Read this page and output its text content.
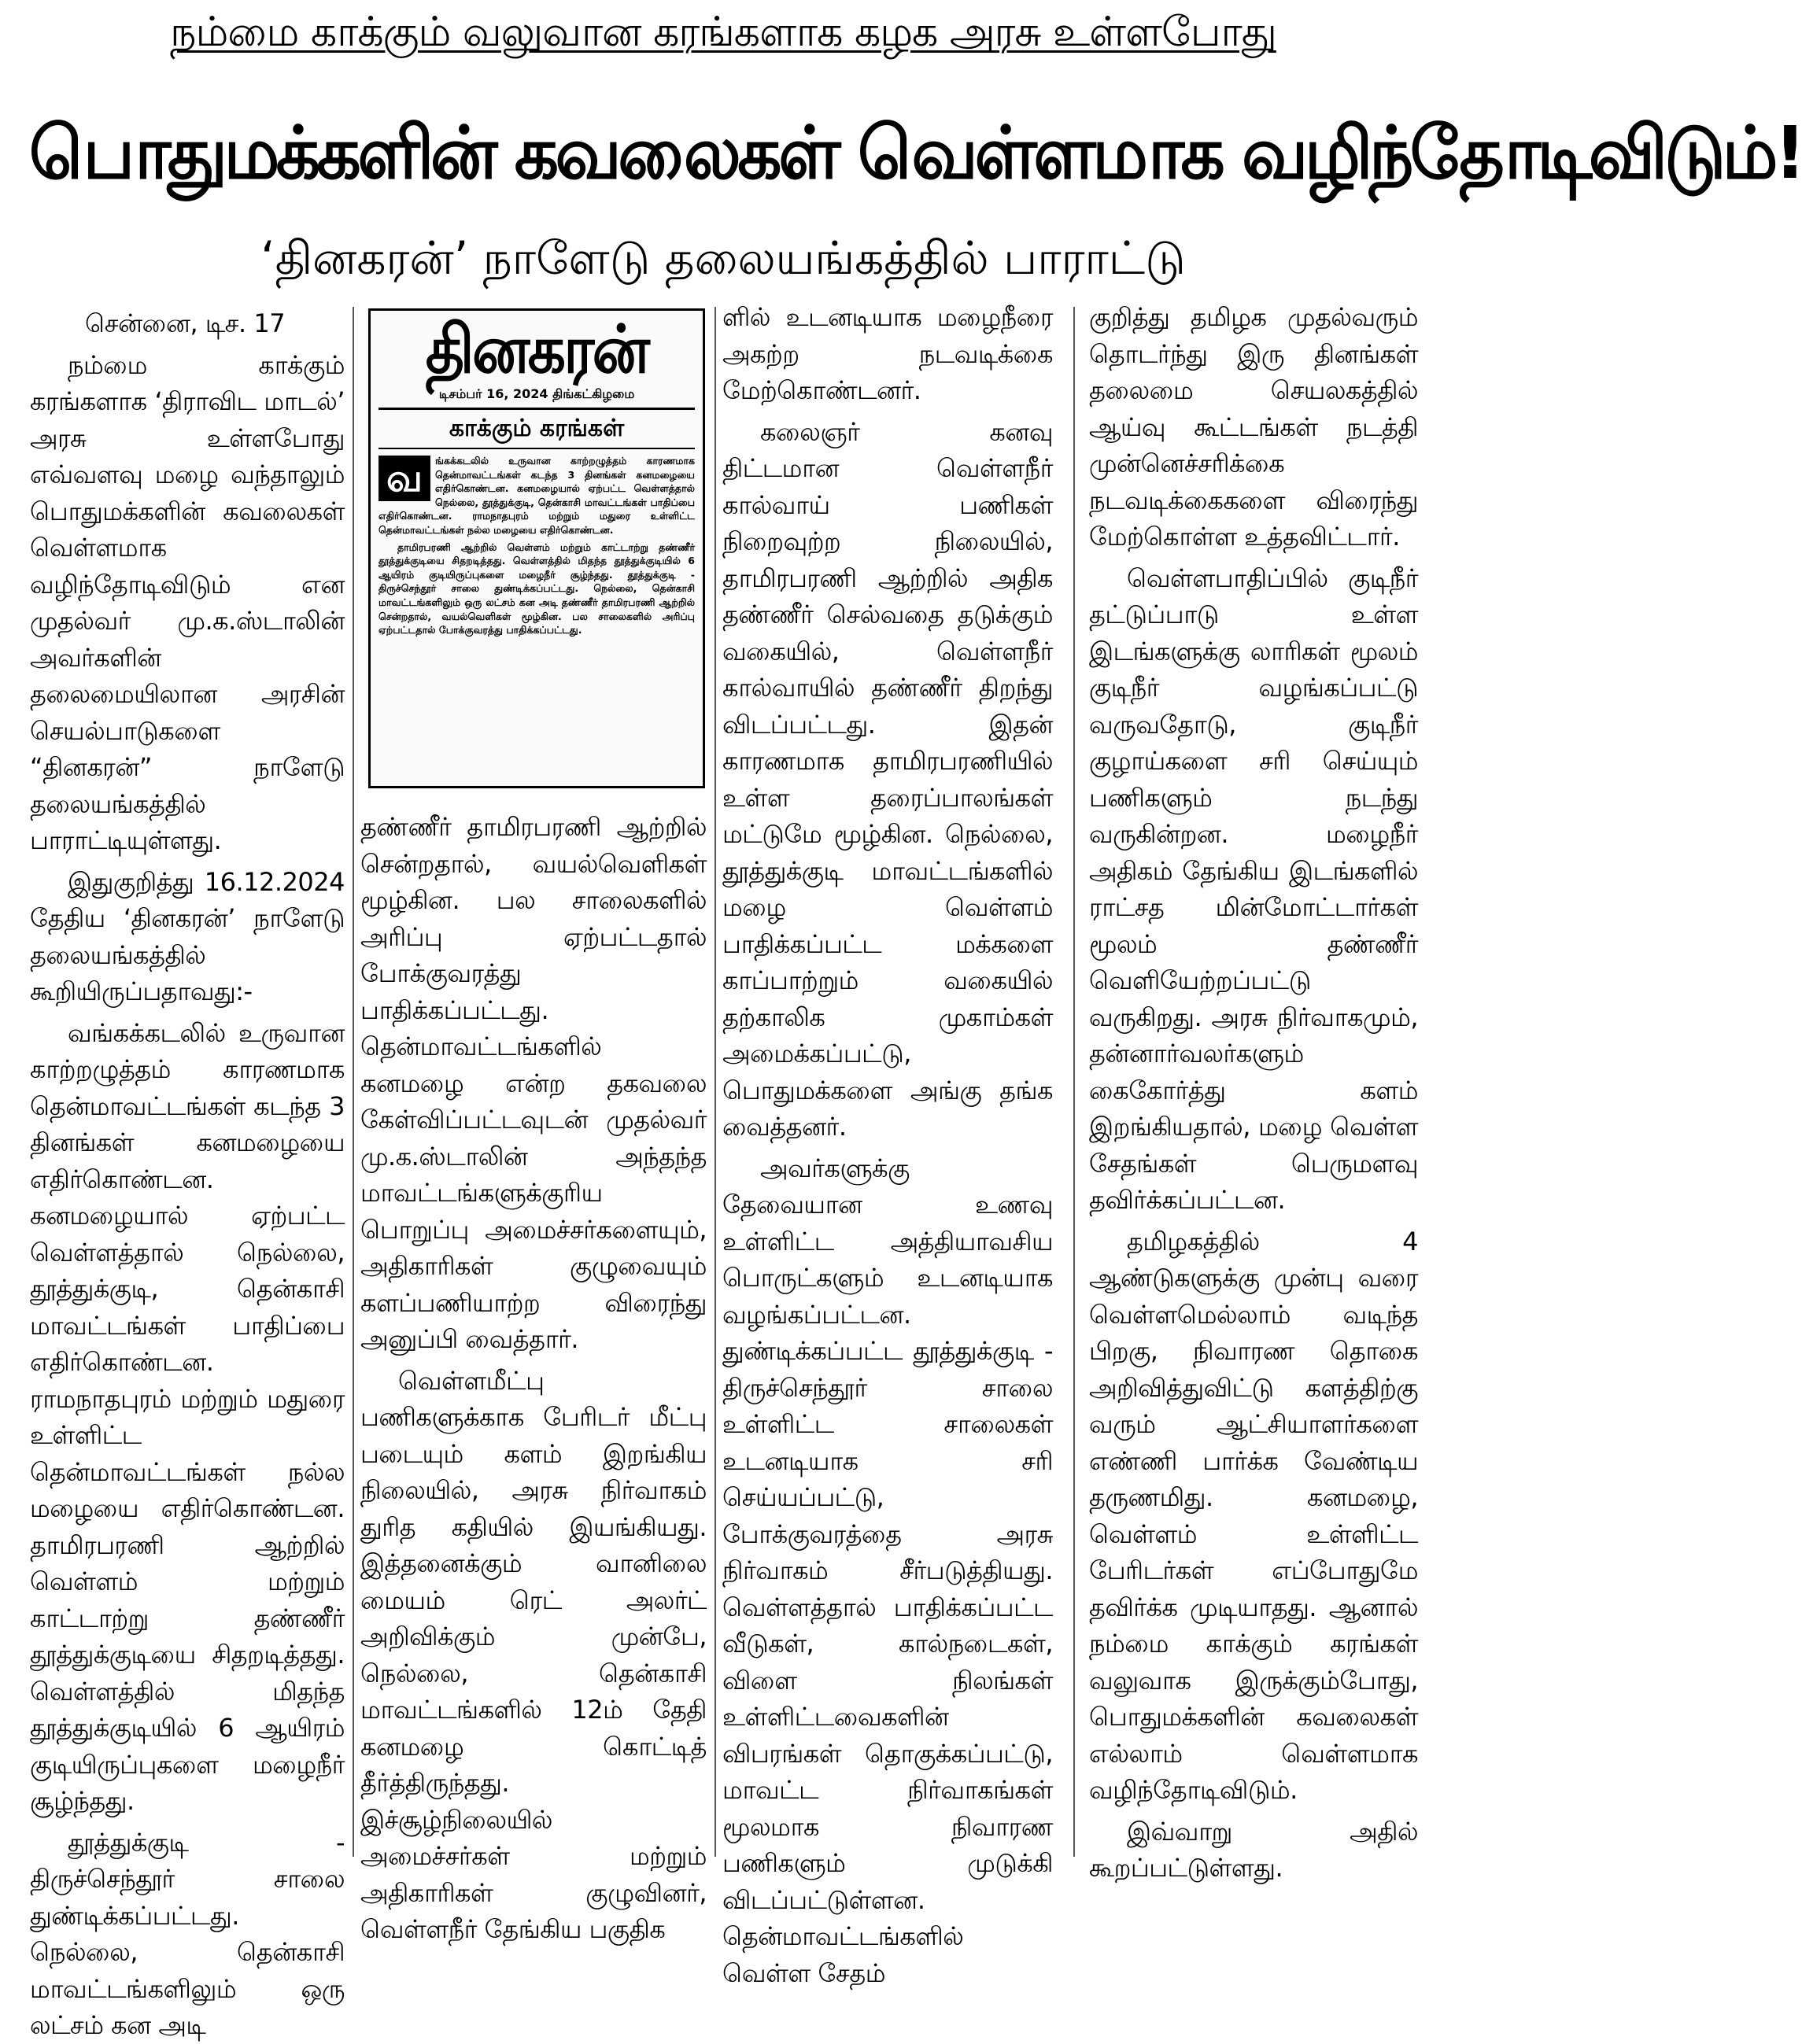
நம்மை காக்கும் வலுவான கரங்களாக கழக அரசு உள்ளபோது
பொதுமக்களின் கவலைகள் வெள்ளமாக வழிந்தோடிவிடும்!
‘தினகரன்’ நாளேடு தலையங்கத்தில் பாராட்டு

சென்னை, டிச. 17

நம்மை காக்கும் கரங்களாக ‘திராவிட மாடல்’ அரசு உள்ளபோது எவ்வளவு மழை வந்தாலும் பொதுமக்களின் கவலைகள் வெள்ளமாக வழிந்தோடிவிடும் என முதல்வர் மு.க.ஸ்டாலின் அவர்களின் தலைமையிலான அரசின் செயல்பாடுகளை “தினகரன்” நாளேடு தலையங்கத்தில் பாராட்டியுள்ளது.

இதுகுறித்து 16.12.2024 தேதிய ‘தினகரன்’ நாளேடு தலையங்கத்தில் கூறியிருப்பதாவது:-

வங்கக்கடலில் உருவான காற்றழுத்தம் காரணமாக தென்மாவட்டங்கள் கடந்த 3 தினங்கள் கனமழையை எதிர்கொண்டன. கனமழையால் ஏற்பட்ட வெள்ளத்தால் நெல்லை, தூத்துக்குடி, தென்காசி மாவட்டங்கள் பாதிப்பை எதிர்கொண்டன. ராமநாதபுரம் மற்றும் மதுரை உள்ளிட்ட தென்மாவட்டங்கள் நல்ல மழையை எதிர்கொண்டன. தாமிரபரணி ஆற்றில் வெள்ளம் மற்றும் காட்டாற்று தண்ணீர் தூத்துக்குடியை சிதறடித்தது. வெள்ளத்தில் மிதந்த தூத்துக்குடியில் 6 ஆயிரம் குடியிருப்புகளை மழைநீர் சூழ்ந்தது.

தூத்துக்குடி - திருச்செந்தூர் சாலை துண்டிக்கப்பட்டது. நெல்லை, தென்காசி மாவட்டங்களிலும் ஒரு லட்சம் கன அடி

தினகரன்
டிசம்பர் 16, 2024 திங்கட்கிழமை
காக்கும் கரங்கள்
வ	ங்கக்கடலில் உருவான காற்றழுத்தம் காரணமாக தென்மாவட்டங்கள் கடந்த 3 தினங்கள் கனமழையை எதிர்கொண்டன. கனமழையால் ஏற்பட்ட வெள்ளத்தால் நெல்லை, தூத்துக்குடி, தென்காசி மாவட்டங்கள் பாதிப்பை எதிர்கொண்டன. ராமநாதபுரம் மற்றும் மதுரை உள்ளிட்ட தென்மாவட்டங்கள் நல்ல மழையை எதிர்கொண்டன.

தாமிரபரணி ஆற்றில் வெள்ளம் மற்றும் காட்டாற்று தண்ணீர் தூத்துக்குடியை சிதறடித்தது. வெள்ளத்தில் மிதந்த தூத்துக்குடியில் 6 ஆயிரம் குடியிருப்புகளை மழைநீர் சூழ்ந்தது. தூத்துக்குடி - திருச்செந்தூர் சாலை துண்டிக்கப்பட்டது. நெல்லை, தென்காசி மாவட்டங்களிலும் ஒரு லட்சம் கன அடி தண்ணீர் தாமிரபரணி ஆற்றில் சென்றதால், வயல்வெளிகள் மூழ்கின. பல சாலைகளில் அரிப்பு ஏற்பட்டதால் போக்குவரத்து பாதிக்கப்பட்டது.

தண்ணீர் தாமிரபரணி ஆற்றில் சென்றதால், வயல்வெளிகள் மூழ்கின. பல சாலைகளில் அரிப்பு ஏற்பட்டதால் போக்குவரத்து பாதிக்கப்பட்டது. தென்மாவட்டங்களில் கனமழை என்ற தகவலை கேள்விப்பட்டவுடன் முதல்வர் மு.க.ஸ்டாலின் அந்தந்த மாவட்டங்களுக்குரிய பொறுப்பு அமைச்சர்களையும், அதிகாரிகள் குழுவையும் களப்பணியாற்ற விரைந்து அனுப்பி வைத்தார்.

வெள்ளமீட்பு பணிகளுக்காக பேரிடர் மீட்பு படையும் களம் இறங்கிய நிலையில், அரசு நிர்வாகம் துரித கதியில் இயங்கியது. இத்தனைக்கும் வானிலை மையம் ரெட் அலர்ட் அறிவிக்கும் முன்பே, நெல்லை, தென்காசி மாவட்டங்களில் 12ம் தேதி கனமழை கொட்டித் தீர்த்திருந்தது. இச்சூழ்நிலையில் அமைச்சர்கள் மற்றும் அதிகாரிகள் குழுவினர், வெள்ளநீர் தேங்கிய பகுதிக

ளில் உடனடியாக மழைநீரை அகற்ற நடவடிக்கை மேற்கொண்டனர்.

கலைஞர் கனவு திட்டமான வெள்ளநீர் கால்வாய் பணிகள் நிறைவுற்ற நிலையில், தாமிரபரணி ஆற்றில் அதிக தண்ணீர் செல்வதை தடுக்கும் வகையில், வெள்ளநீர் கால்வாயில் தண்ணீர் திறந்து விடப்பட்டது. இதன் காரணமாக தாமிரபரணியில் உள்ள தரைப்பாலங்கள் மட்டுமே மூழ்கின. நெல்லை, தூத்துக்குடி மாவட்டங்களில் மழை வெள்ளம் பாதிக்கப்பட்ட மக்களை காப்பாற்றும் வகையில் தற்காலிக முகாம்கள் அமைக்கப்பட்டு, பொதுமக்களை அங்கு தங்க வைத்தனர்.

அவர்களுக்கு தேவையான உணவு உள்ளிட்ட அத்தியாவசிய பொருட்களும் உடனடியாக வழங்கப்பட்டன. துண்டிக்கப்பட்ட தூத்துக்குடி - திருச்செந்தூர் சாலை உள்ளிட்ட சாலைகள் உடனடியாக சரி செய்யப்பட்டு, போக்குவரத்தை அரசு நிர்வாகம் சீர்படுத்தியது. வெள்ளத்தால் பாதிக்கப்பட்ட வீடுகள், கால்நடைகள், விளை நிலங்கள் உள்ளிட்டவைகளின் விபரங்கள் தொகுக்கப்பட்டு, மாவட்ட நிர்வாகங்கள் மூலமாக நிவாரண பணிகளும் முடுக்கி விடப்பட்டுள்ளன. தென்மாவட்டங்களில் வெள்ள சேதம்

குறித்து தமிழக முதல்வரும் தொடர்ந்து இரு தினங்கள் தலைமை செயலகத்தில் ஆய்வு கூட்டங்கள் நடத்தி முன்னெச்சரிக்கை நடவடிக்கைகளை விரைந்து மேற்கொள்ள உத்தவிட்டார்.

வெள்ளபாதிப்பில் குடிநீர் தட்டுப்பாடு உள்ள இடங்களுக்கு லாரிகள் மூலம் குடிநீர் வழங்கப்பட்டு வருவதோடு, குடிநீர் குழாய்களை சரி செய்யும் பணிகளும் நடந்து வருகின்றன. மழைநீர் அதிகம் தேங்கிய இடங்களில் ராட்சத மின்மோட்டார்கள் மூலம் தண்ணீர் வெளியேற்றப்பட்டு வருகிறது. அரசு நிர்வாகமும், தன்னார்வலர்களும் கைகோர்த்து களம் இறங்கியதால், மழை வெள்ள சேதங்கள் பெருமளவு தவிர்க்கப்பட்டன.

தமிழகத்தில் 4 ஆண்டுகளுக்கு முன்பு வரை வெள்ளமெல்லாம் வடிந்த பிறகு, நிவாரண தொகை அறிவித்துவிட்டு களத்திற்கு வரும் ஆட்சியாளர்களை எண்ணி பார்க்க வேண்டிய தருணமிது. கனமழை, வெள்ளம் உள்ளிட்ட பேரிடர்கள் எப்போதுமே தவிர்க்க முடியாதது. ஆனால் நம்மை காக்கும் கரங்கள் வலுவாக இருக்கும்போது, பொதுமக்களின் கவலைகள் எல்லாம் வெள்ளமாக வழிந்தோடிவிடும்.

இவ்வாறு அதில் கூறப்பட்டுள்ளது.
